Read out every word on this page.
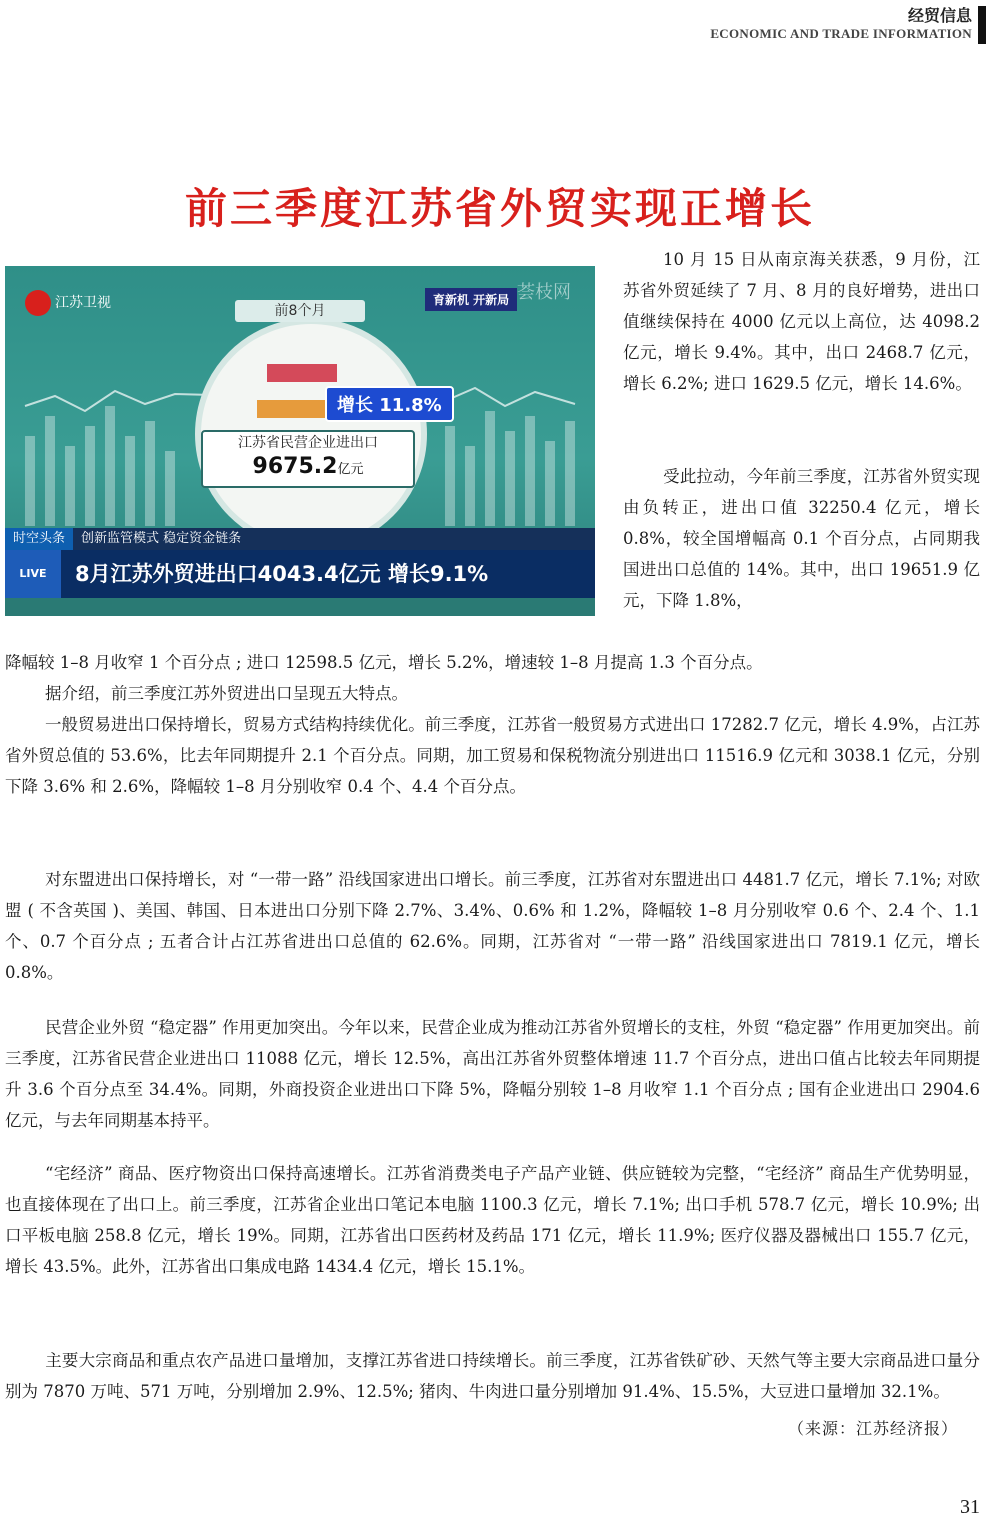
经贸信息
ECONOMIC AND TRADE INFORMATION
前三季度江苏省外贸实现正增长
江苏卫视	育新机 开新局 荟枝网
前8个月
增长 11.8%
江苏省民营企业进出口
9675.2亿元
时空头条 创新监管模式 稳定资金链条
LIVE 8月江苏外贸进出口4043.4亿元 增长9.1%

10 月 15 日从南京海关获悉，9 月份，江苏省外贸延续了 7 月、8 月的良好增势，进出口值继续保持在 4000 亿元以上高位，达 4098.2 亿元，增长 9.4%。其中，出口 2468.7 亿元，增长 6.2%; 进口 1629.5 亿元，增长 14.6%。

受此拉动，今年前三季度，江苏省外贸实现由负转正，进出口值 32250.4 亿元，增长 0.8%，较全国增幅高 0.1 个百分点，占同期我国进出口总值的 14%。其中，出口 19651.9 亿元，下降 1.8%，

降幅较 1–8 月收窄 1 个百分点 ; 进口 12598.5 亿元，增长 5.2%，增速较 1–8 月提高 1.3 个百分点。

据介绍，前三季度江苏外贸进出口呈现五大特点。

一般贸易进出口保持增长，贸易方式结构持续优化。前三季度，江苏省一般贸易方式进出口 17282.7 亿元，增长 4.9%，占江苏省外贸总值的 53.6%，比去年同期提升 2.1 个百分点。同期，加工贸易和保税物流分别进出口 11516.9 亿元和 3038.1 亿元，分别下降 3.6% 和 2.6%，降幅较 1–8 月分别收窄 0.4 个、4.4 个百分点。

对东盟进出口保持增长，对 “一带一路” 沿线国家进出口增长。前三季度，江苏省对东盟进出口 4481.7 亿元，增长 7.1%; 对欧盟 ( 不含英国 )、美国、韩国、日本进出口分别下降 2.7%、3.4%、0.6% 和 1.2%，降幅较 1–8 月分别收窄 0.6 个、2.4 个、1.1 个、0.7 个百分点 ; 五者合计占江苏省进出口总值的 62.6%。同期，江苏省对 “一带一路” 沿线国家进出口 7819.1 亿元，增长 0.8%。

民营企业外贸 “稳定器” 作用更加突出。今年以来，民营企业成为推动江苏省外贸增长的支柱，外贸 “稳定器” 作用更加突出。前三季度，江苏省民营企业进出口 11088 亿元，增长 12.5%，高出江苏省外贸整体增速 11.7 个百分点，进出口值占比较去年同期提升 3.6 个百分点至 34.4%。同期，外商投资企业进出口下降 5%，降幅分别较 1–8 月收窄 1.1 个百分点 ; 国有企业进出口 2904.6 亿元，与去年同期基本持平。

“宅经济” 商品、医疗物资出口保持高速增长。江苏省消费类电子产品产业链、供应链较为完整，“宅经济” 商品生产优势明显，也直接体现在了出口上。前三季度，江苏省企业出口笔记本电脑 1100.3 亿元，增长 7.1%; 出口手机 578.7 亿元，增长 10.9%; 出口平板电脑 258.8 亿元，增长 19%。同期，江苏省出口医药材及药品 171 亿元，增长 11.9%; 医疗仪器及器械出口 155.7 亿元，增长 43.5%。此外，江苏省出口集成电路 1434.4 亿元，增长 15.1%。

主要大宗商品和重点农产品进口量增加，支撑江苏省进口持续增长。前三季度，江苏省铁矿砂、天然气等主要大宗商品进口量分别为 7870 万吨、571 万吨，分别增加 2.9%、12.5%; 猪肉、牛肉进口量分别增加 91.4%、15.5%，大豆进口量增加 32.1%。

（来源：江苏经济报）
31
